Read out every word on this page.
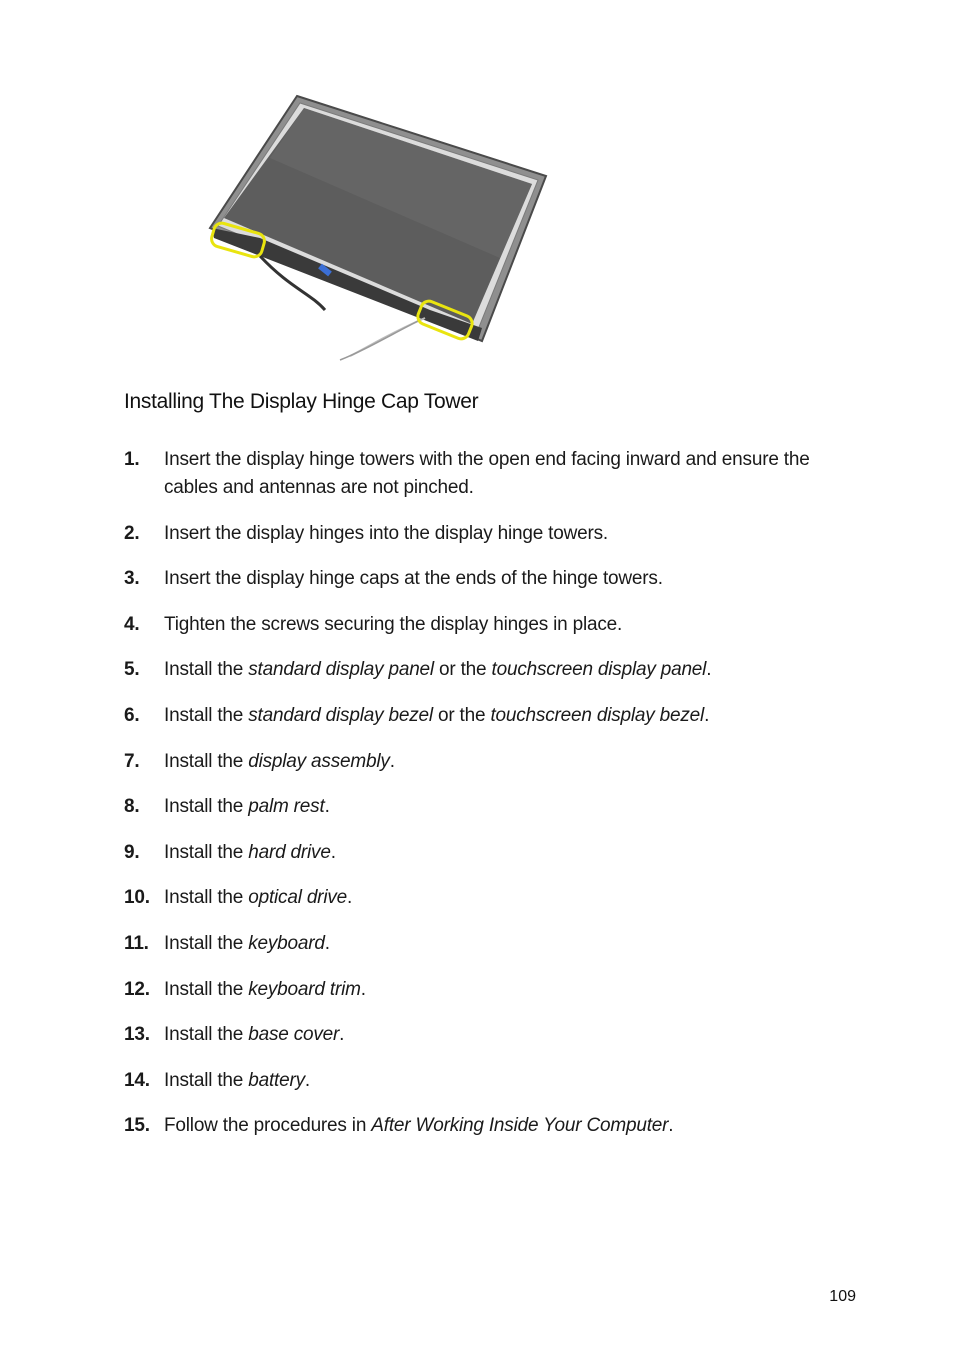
Installing The Display Hinge Cap Tower
1.	Insert the display hinge towers with the open end facing inward and ensure the cables and antennas are not pinched.
2.	Insert the display hinges into the display hinge towers.
3.	Insert the display hinge caps at the ends of the hinge towers.
4.	Tighten the screws securing the display hinges in place.
5.	Install the standard display panel or the touchscreen display panel.
6.	Install the standard display bezel or the touchscreen display bezel.
7.	Install the display assembly.
8.	Install the palm rest.
9.	Install the hard drive.
10. Install the optical drive.
11. Install the keyboard.
12. Install the keyboard trim.
13. Install the base cover.
14. Install the battery.
15. Follow the procedures in After Working Inside Your Computer.
109
